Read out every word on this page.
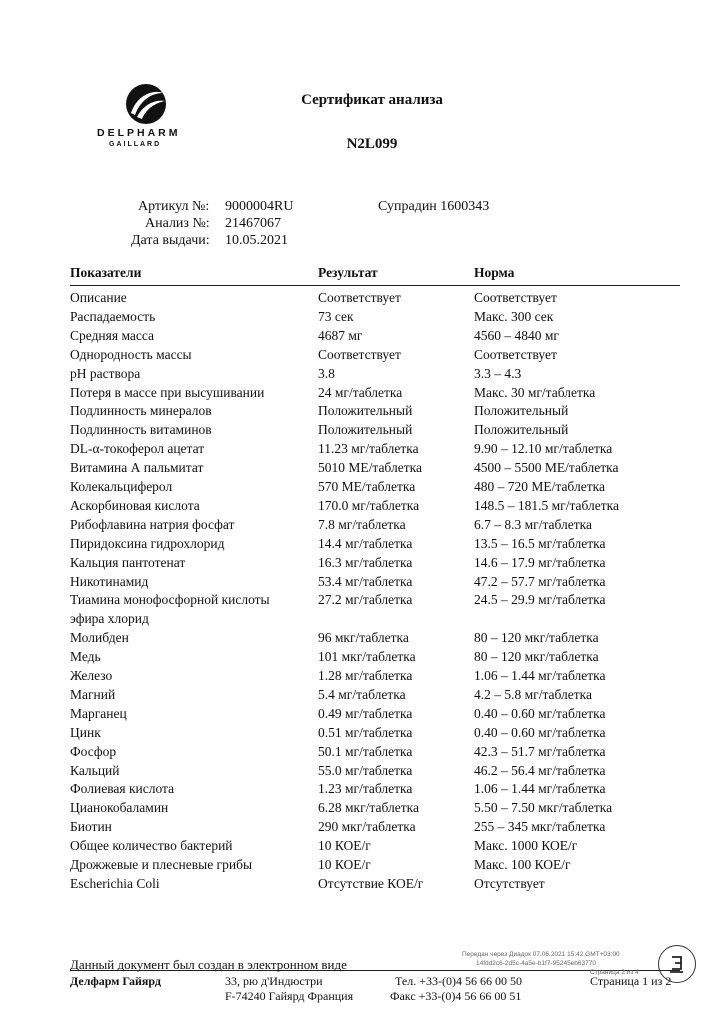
DELPHARM
GAILLARD
Сертификат анализа
N2L099
Артикул №: 9000004RU	Супрадин 1600343
Анализ №: 21467067
Дата выдачи: 10.05.2021
Показатели	Результат	Норма
Описание	Соответствует	Соответствует
Распадаемость	73 сек	Макс. 300 сек
Средняя масса	4687 мг	4560 – 4840 мг
Однородность массы	Соответствует	Соответствует
pH раствора	3.8	3.3 – 4.3
Потеря в массе при высушивании	24 мг/таблетка	Макс. 30 мг/таблетка
Подлинность минералов	Положительный	Положительный
Подлинность витаминов	Положительный	Положительный
DL-α-токоферол ацетат	11.23 мг/таблетка	9.90 – 12.10 мг/таблетка
Витамина А пальмитат	5010 МЕ/таблетка	4500 – 5500 МЕ/таблетка
Колекальциферол	570 МЕ/таблетка	480 – 720 МЕ/таблетка
Аскорбиновая кислота	170.0 мг/таблетка	148.5 – 181.5 мг/таблетка
Рибофлавина натрия фосфат	7.8 мг/таблетка	6.7 – 8.3 мг/таблетка
Пиридоксина гидрохлорид	14.4 мг/таблетка	13.5 – 16.5 мг/таблетка
Кальция пантотенат	16.3 мг/таблетка	14.6 – 17.9 мг/таблетка
Никотинамид	53.4 мг/таблетка	47.2 – 57.7 мг/таблетка
Тиамина монофосфорной кислоты	27.2 мг/таблетка	24.5 – 29.9 мг/таблетка
эфира хлорид
Молибден	96 мкг/таблетка	80 – 120 мкг/таблетка
Медь	101 мкг/таблетка	80 – 120 мкг/таблетка
Железо	1.28 мг/таблетка	1.06 – 1.44 мг/таблетка
Магний	5.4 мг/таблетка	4.2 – 5.8 мг/таблетка
Марганец	0.49 мг/таблетка	0.40 – 0.60 мг/таблетка
Цинк	0.51 мг/таблетка	0.40 – 0.60 мг/таблетка
Фосфор	50.1 мг/таблетка	42.3 – 51.7 мг/таблетка
Кальций	55.0 мг/таблетка	46.2 – 56.4 мг/таблетка
Фолиевая кислота	1.23 мг/таблетка	1.06 – 1.44 мг/таблетка
Цианокобаламин	6.28 мкг/таблетка	5.50 – 7.50 мкг/таблетка
Биотин	290 мкг/таблетка	255 – 345 мкг/таблетка
Общее количество бактерий	10 КОЕ/г	Макс. 1000 КОЕ/г
Дрожжевые и плесневые грибы	10 КОЕ/г	Макс. 100 КОЕ/г
Escherichia Coli	Отсутствие КОЕ/г	Отсутствует
Данный документ был создан в электронном виде
Делфарм Гайярд	33, рю д'Индюстри
F-74240 Гайярд Франция
Тел. +33-(0)4 56 66 00 50
Факс +33-(0)4 56 66 00 51
Страница 1 из 2
Передан через Диадок 07.06.2021 15:42 GMT+03:00
14fdd2c6-2d5c-4a5e-b1f7-95245eb63770
Страница 2 из 4
